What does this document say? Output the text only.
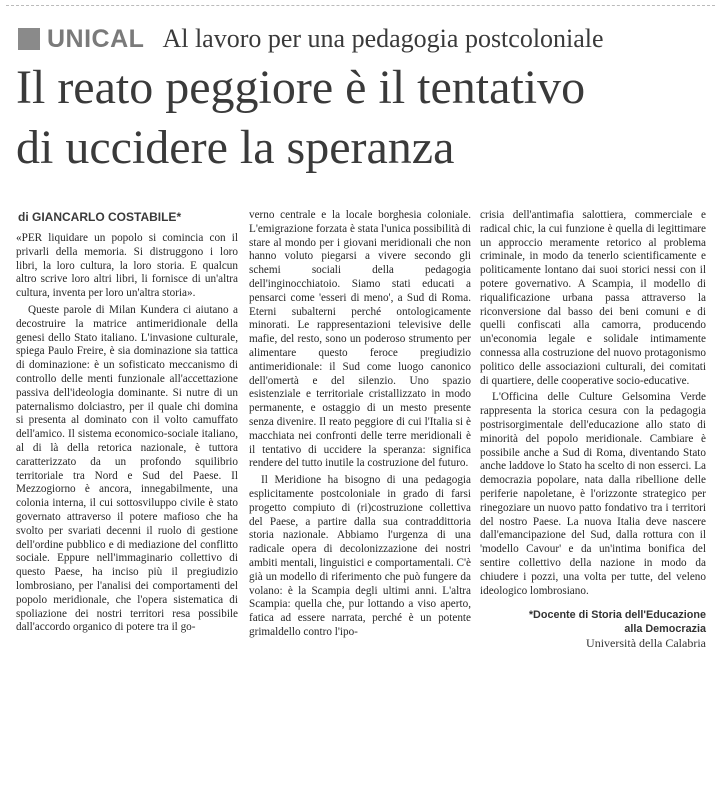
UNICAL Al lavoro per una pedagogia postcoloniale
Il reato peggiore è il tentativo
di uccidere la speranza

di GIANCARLO COSTABILE*

«PER liquidare un popolo si comincia con il privarli della memoria. Si distruggono i loro libri, la loro cultura, la loro storia. E qualcun altro scrive loro altri libri, li fornisce di un'altra cultura, inventa per loro un'altra storia».

Queste parole di Milan Kundera ci aiutano a decostruire la matrice antimeridionale della genesi dello Stato italiano. L'invasione culturale, spiega Paulo Freire, è sia dominazione sia tattica di dominazione: è un sofisticato meccanismo di controllo delle menti funzionale all'accettazione passiva dell'ideologia dominante. Si nutre di un paternalismo dolciastro, per il quale chi domina si presenta al dominato con il volto camuffato dell'amico. Il sistema economico-sociale italiano, al di là della retorica nazionale, è tuttora caratterizzato da un profondo squilibrio territoriale tra Nord e Sud del Paese. Il Mezzogiorno è ancora, innegabilmente, una colonia interna, il cui sottosviluppo civile è stato governato attraverso il potere mafioso che ha svolto per svariati decenni il ruolo di gestione dell'ordine pubblico e di mediazione del conflitto sociale. Eppure nell'immaginario collettivo di questo Paese, ha inciso più il pregiudizio lombrosiano, per l'analisi dei comportamenti del popolo meridionale, che l'opera sistematica di spoliazione dei nostri territori resa possibile dall'accordo organico di potere tra il go-

verno centrale e la locale borghesia coloniale. L'emigrazione forzata è stata l'unica possibilità di stare al mondo per i giovani meridionali che non hanno voluto piegarsi a vivere secondo gli schemi sociali della pedagogia dell'inginocchiatoio. Siamo stati educati a pensarci come 'esseri di meno', a Sud di Roma. Eterni subalterni perché ontologicamente minorati. Le rappresentazioni televisive delle mafie, del resto, sono un poderoso strumento per alimentare questo feroce pregiudizio antimeridionale: il Sud come luogo canonico dell'omertà e del silenzio. Uno spazio esistenziale e territoriale cristallizzato in modo permanente, e ostaggio di un mesto presente senza divenire. Il reato peggiore di cui l'Italia si è macchiata nei confronti delle terre meridionali è il tentativo di uccidere la speranza: significa rendere del tutto inutile la costruzione del futuro.

Il Meridione ha bisogno di una pedagogia esplicitamente postcoloniale in grado di farsi progetto compiuto di (ri)costruzione collettiva del Paese, a partire dalla sua contraddittoria storia nazionale. Abbiamo l'urgenza di una radicale opera di decolonizzazione dei nostri ambiti mentali, linguistici e comportamentali. C'è già un modello di riferimento che può fungere da volano: è la Scampia degli ultimi anni. L'altra Scampia: quella che, pur lottando a viso aperto, fatica ad essere narrata, perché è un potente grimaldello contro l'ipo-

crisia dell'antimafia salottiera, commerciale e radical chic, la cui funzione è quella di legittimare un approccio meramente retorico al problema criminale, in modo da tenerlo scientificamente e politicamente lontano dai suoi storici nessi con il potere governativo. A Scampia, il modello di riqualificazione urbana passa attraverso la riconversione dal basso dei beni comuni e di quelli confiscati alla camorra, producendo un'economia legale e solidale intimamente connessa alla costruzione del nuovo protagonismo politico delle associazioni culturali, dei comitati di quartiere, delle cooperative socio-educative.

L'Officina delle Culture Gelsomina Verde rappresenta la storica cesura con la pedagogia postrisorgimentale dell'educazione allo stato di minorità del popolo meridionale. Cambiare è possibile anche a Sud di Roma, diventando Stato anche laddove lo Stato ha scelto di non esserci. La democrazia popolare, nata dalla ribellione delle periferie napoletane, è l'orizzonte strategico per rinegoziare un nuovo patto fondativo tra i territori del nostro Paese. La nuova Italia deve nascere dall'emancipazione del Sud, dalla rottura con il 'modello Cavour' e da un'intima bonifica del sentire collettivo della nazione in modo da chiudere i pozzi, una volta per tutte, del veleno ideologico lombrosiano.

*Docente di Storia dell'Educazione
alla Democrazia
Università della Calabria
